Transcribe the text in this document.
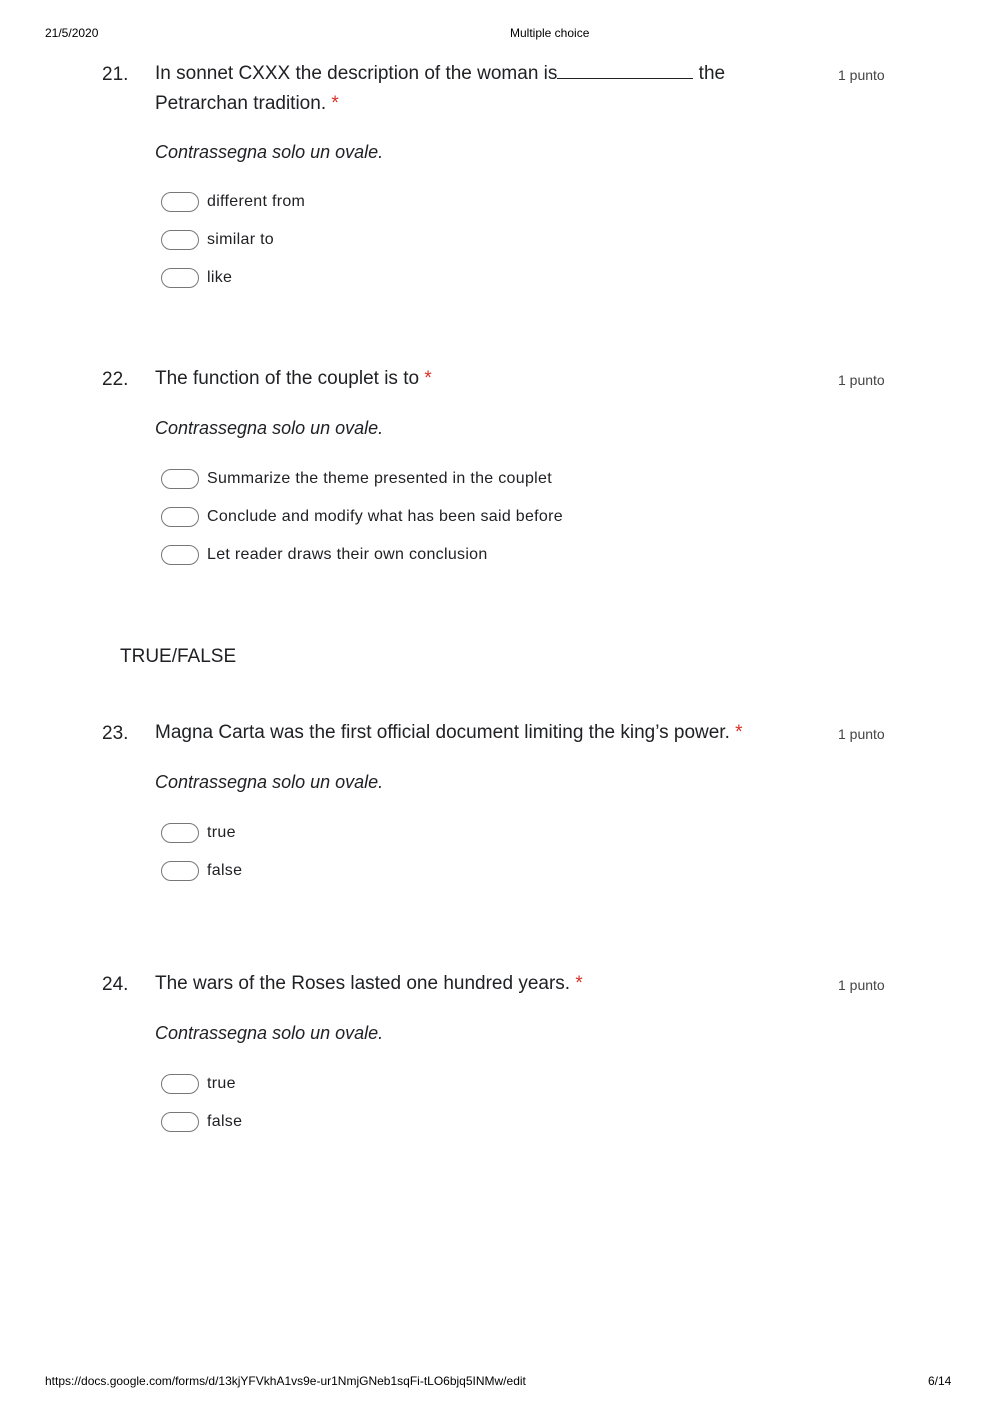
21/5/2020	Multiple choice
21. In sonnet CXXX the description of the woman is	the Petrarchan tradition. *
1 punto
Contrassegna solo un ovale.
different from
similar to
like
22. The function of the couplet is to *	1 punto
Contrassegna solo un ovale.
Summarize the theme presented in the couplet
Conclude and modify what has been said before
Let reader draws their own conclusion
TRUE/FALSE
23. Magna Carta was the first official document limiting the king’s power. *	1 punto
Contrassegna solo un ovale.
true
false
24. The wars of the Roses lasted one hundred years. *	1 punto
Contrassegna solo un ovale.
true
false
https://docs.google.com/forms/d/13kjYFVkhA1vs9e-ur1NmjGNeb1sqFi-tLO6bjq5INMw/edit	6/14
